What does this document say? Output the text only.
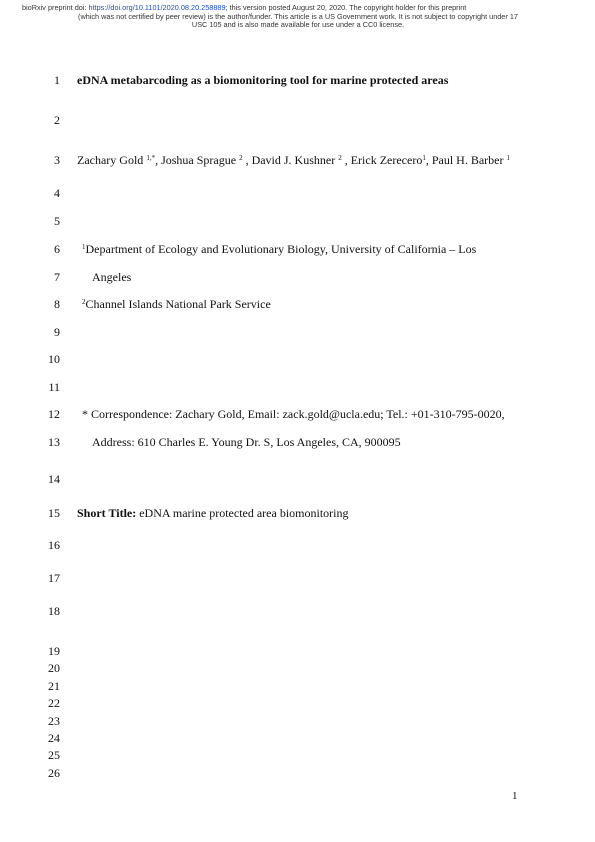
bioRxiv preprint doi: https://doi.org/10.1101/2020.08.20.258889; this version posted August 20, 2020. The copyright holder for this preprint
(which was not certified by peer review) is the author/funder. This article is a US Government work. It is not subject to copyright under 17
USC 105 and is also made available for use under a CC0 license.
1
2
3
4
5
6
7
8
9
10
11
12
13
14
15
16
17
18
19
20
21
22
23
24
25
26
eDNA metabarcoding as a biomonitoring tool for marine protected areas
Zachary Gold $^{1,*}$, Joshua Sprague $^2$ , David J. Kushner $^2$ , Erick Zerecero$^1$, Paul H. Barber $^1$
$^1$Department of Ecology and Evolutionary Biology, University of California – Los
Angeles
$^2$Channel Islands National Park Service
* Correspondence: Zachary Gold, Email: zack.gold@ucla.edu; Tel.: +01-310-795-0020,
Address: 610 Charles E. Young Dr. S, Los Angeles, CA, 900095
Short Title: eDNA marine protected area biomonitoring
1
